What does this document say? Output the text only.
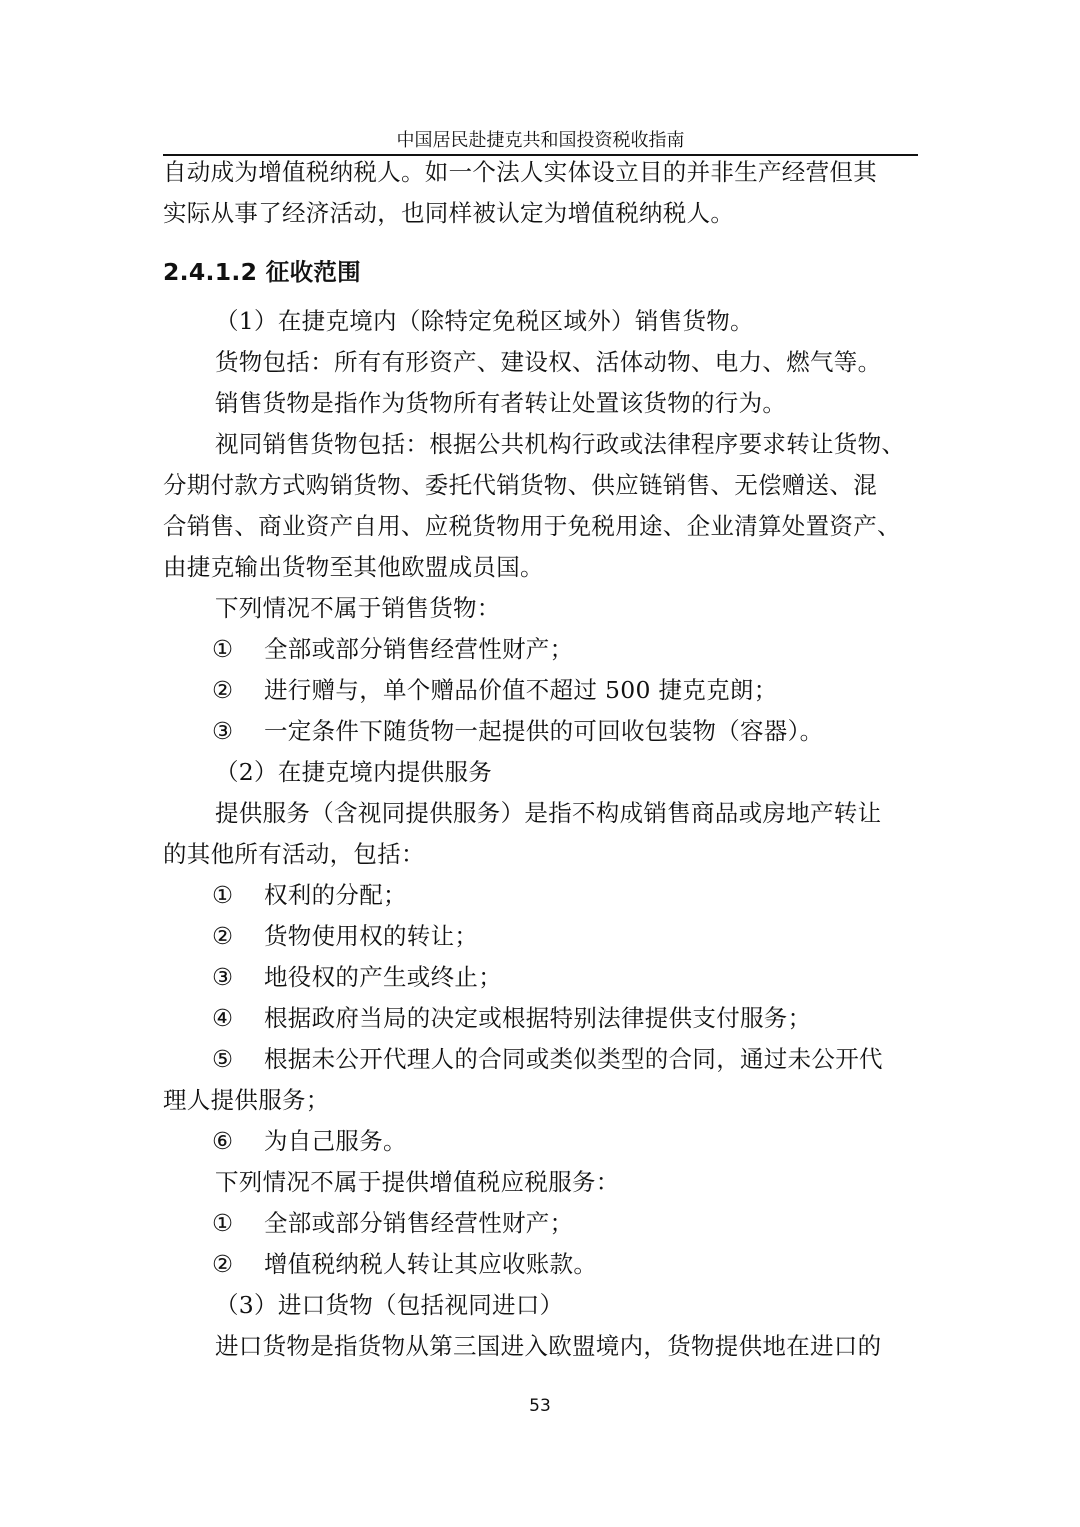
中国居民赴捷克共和国投资税收指南
自动成为增值税纳税人。如一个法人实体设立目的并非生产经营但其
实际从事了经济活动，也同样被认定为增值税纳税人。
2.4.1.2 征收范围
（1）在捷克境内（除特定免税区域外）销售货物。
货物包括：所有有形资产、建设权、活体动物、电力、燃气等。
销售货物是指作为货物所有者转让处置该货物的行为。
视同销售货物包括：根据公共机构行政或法律程序要求转让货物、
分期付款方式购销货物、委托代销货物、供应链销售、无偿赠送、混
合销售、商业资产自用、应税货物用于免税用途、企业清算处置资产、
由捷克输出货物至其他欧盟成员国。
下列情况不属于销售货物：
① 全部或部分销售经营性财产；
② 进行赠与，单个赠品价值不超过 500 捷克克朗；
③ 一定条件下随货物一起提供的可回收包装物（容器）。
（2）在捷克境内提供服务
提供服务（含视同提供服务）是指不构成销售商品或房地产转让
的其他所有活动，包括：
① 权利的分配；
② 货物使用权的转让；
③ 地役权的产生或终止；
④ 根据政府当局的决定或根据特别法律提供支付服务；
⑤ 根据未公开代理人的合同或类似类型的合同，通过未公开代
理人提供服务；
⑥ 为自己服务。
下列情况不属于提供增值税应税服务：
① 全部或部分销售经营性财产；
② 增值税纳税人转让其应收账款。
（3）进口货物（包括视同进口）
进口货物是指货物从第三国进入欧盟境内，货物提供地在进口的
53
